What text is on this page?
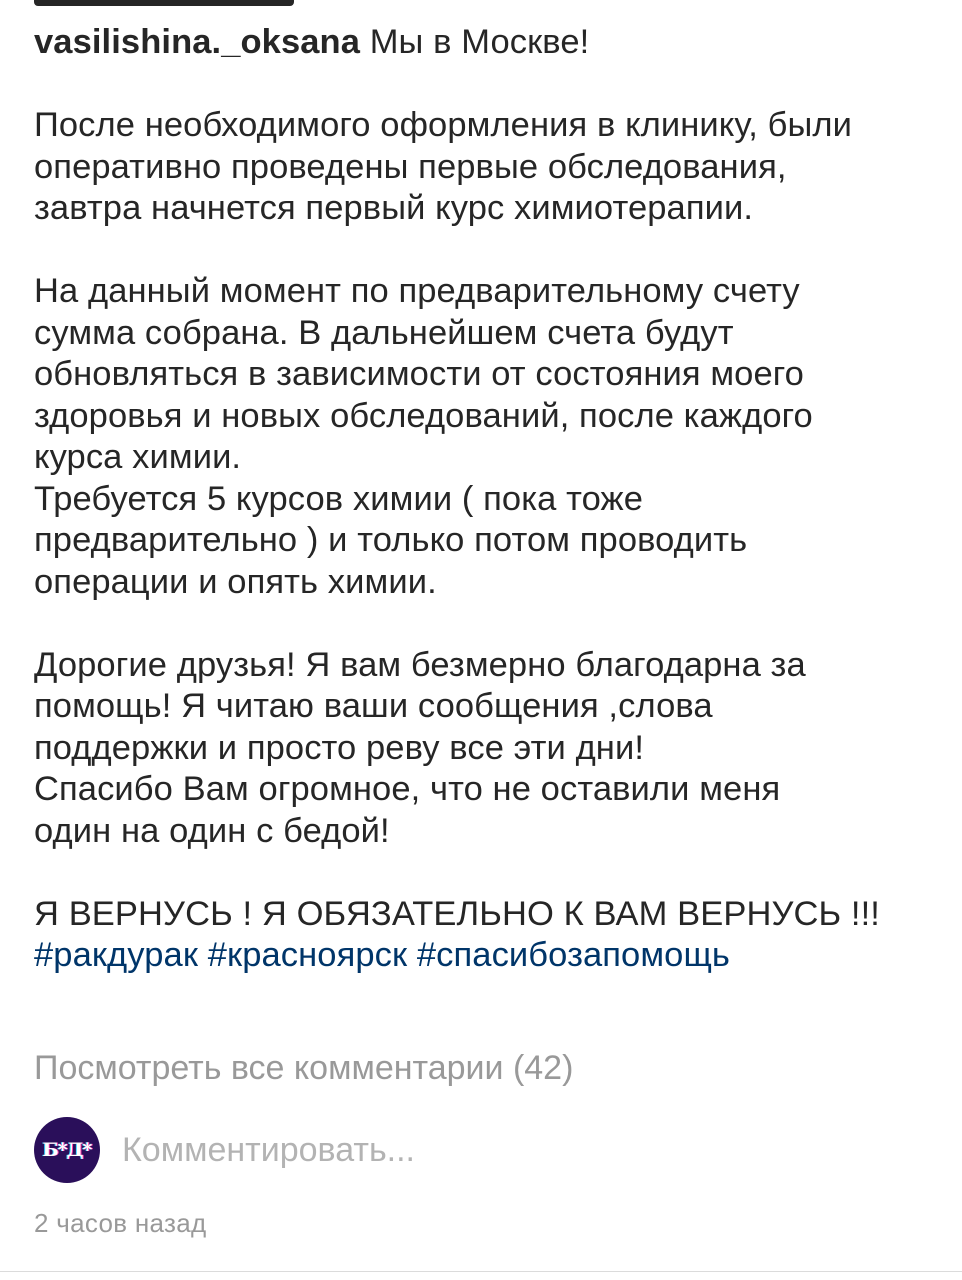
vasilishina._oksana Мы в Москве!

После необходимого оформления в клинику, были
оперативно проведены первые обследования,
завтра начнется первый курс химиотерапии.

На данный момент по предварительному счету
сумма собрана. В дальнейшем счета будут
обновляться в зависимости от состояния моего
здоровья и новых обследований, после каждого
курса химии.
Требуется 5 курсов химии ( пока тоже
предварительно ) и только потом проводить
операции и опять химии.

Дорогие друзья! Я вам безмерно благодарна за
помощь! Я читаю ваши сообщения ,слова
поддержки и просто реву все эти дни!
Спасибо Вам огромное, что не оставили меня
один на один с бедой!

Я ВЕРНУСЬ ! Я ОБЯЗАТЕЛЬНО К ВАМ ВЕРНУСЬ !!!

#ракдурак #красноярск #спасибозапомощь

Посмотреть все комментарии (42)
Б*Д* Комментировать...
2 часов назад
